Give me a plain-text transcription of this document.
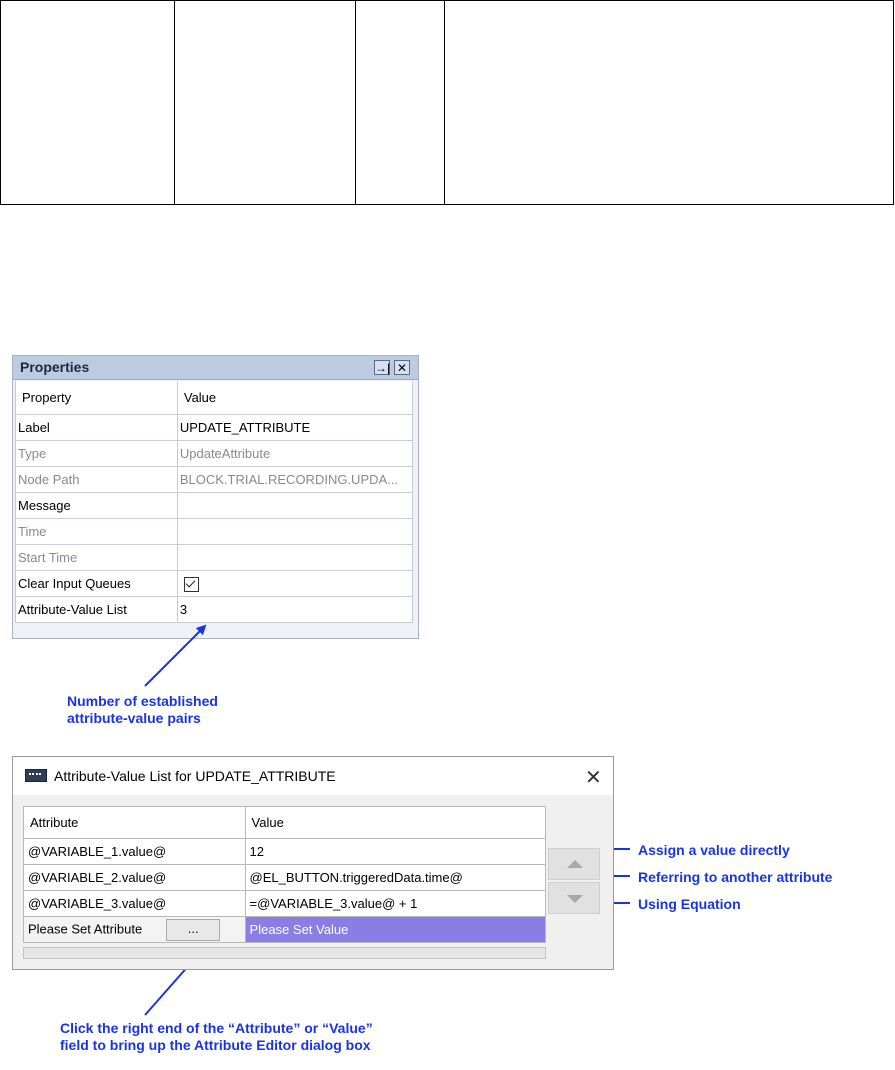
Properties	→| ✕
Property	Value
Label	UPDATE_ATTRIBUTE
Type	UpdateAttribute
Node Path	BLOCK.TRIAL.RECORDING.UPDA...
Message	
Time	
Start Time	
Clear Input Queues	
Attribute-Value List	3
Number of established
attribute-value pairs
Attribute-Value List for UPDATE_ATTRIBUTE	✕
Attribute	Value
@VARIABLE_1.value@	12
@VARIABLE_2.value@	@EL_BUTTON.triggeredData.time@
@VARIABLE_3.value@	=@VARIABLE_3.value@ + 1
Please Set Attribute ...	Please Set Value
Assign a value directly
Referring to another attribute
Using Equation
Click the right end of the “Attribute” or “Value”
field to bring up the Attribute Editor dialog box
